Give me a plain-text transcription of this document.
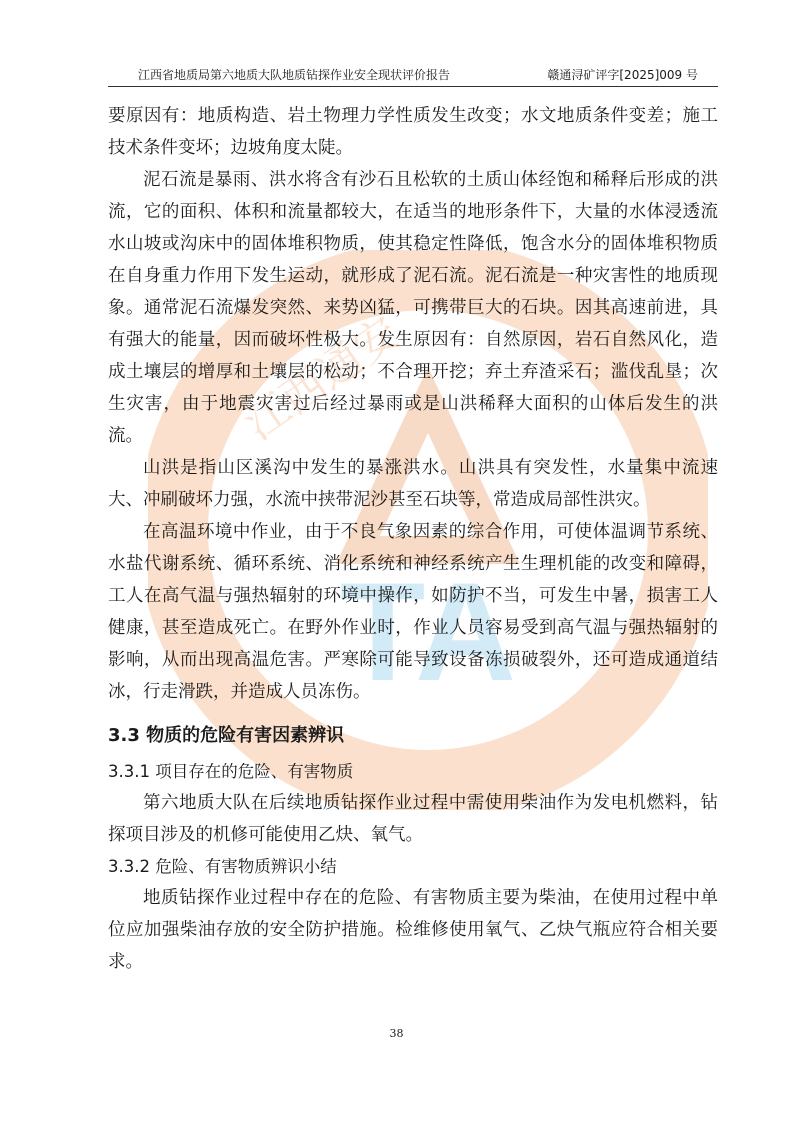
TA
江西通安
江西省地质局第六地质大队地质钻探作业安全现状评价报告	赣通浔矿评字[2025]009 号

要原因有：地质构造、岩土物理力学性质发生改变；水文地质条件变差；施工技术条件变坏；边坡角度太陡。

泥石流是暴雨、洪水将含有沙石且松软的土质山体经饱和稀释后形成的洪流，它的面积、体积和流量都较大，在适当的地形条件下，大量的水体浸透流水山坡或沟床中的固体堆积物质，使其稳定性降低，饱含水分的固体堆积物质在自身重力作用下发生运动，就形成了泥石流。泥石流是一种灾害性的地质现象。通常泥石流爆发突然、来势凶猛，可携带巨大的石块。因其高速前进，具有强大的能量，因而破坏性极大。发生原因有：自然原因，岩石自然风化，造成土壤层的增厚和土壤层的松动；不合理开挖；弃土弃渣采石；滥伐乱垦；次生灾害，由于地震灾害过后经过暴雨或是山洪稀释大面积的山体后发生的洪流。

山洪是指山区溪沟中发生的暴涨洪水。山洪具有突发性，水量集中流速大、冲刷破坏力强，水流中挟带泥沙甚至石块等，常造成局部性洪灾。

在高温环境中作业，由于不良气象因素的综合作用，可使体温调节系统、水盐代谢系统、循环系统、消化系统和神经系统产生生理机能的改变和障碍，工人在高气温与强热辐射的环境中操作，如防护不当，可发生中暑，损害工人健康，甚至造成死亡。在野外作业时，作业人员容易受到高气温与强热辐射的影响，从而出现高温危害。严寒除可能导致设备冻损破裂外，还可造成通道结冰，行走滑跌，并造成人员冻伤。

3.3 物质的危险有害因素辨识
3.3.1 项目存在的危险、有害物质

第六地质大队在后续地质钻探作业过程中需使用柴油作为发电机燃料，钻探项目涉及的机修可能使用乙炔、氧气。

3.3.2 危险、有害物质辨识小结

地质钻探作业过程中存在的危险、有害物质主要为柴油，在使用过程中单位应加强柴油存放的安全防护措施。检维修使用氧气、乙炔气瓶应符合相关要求。

38
